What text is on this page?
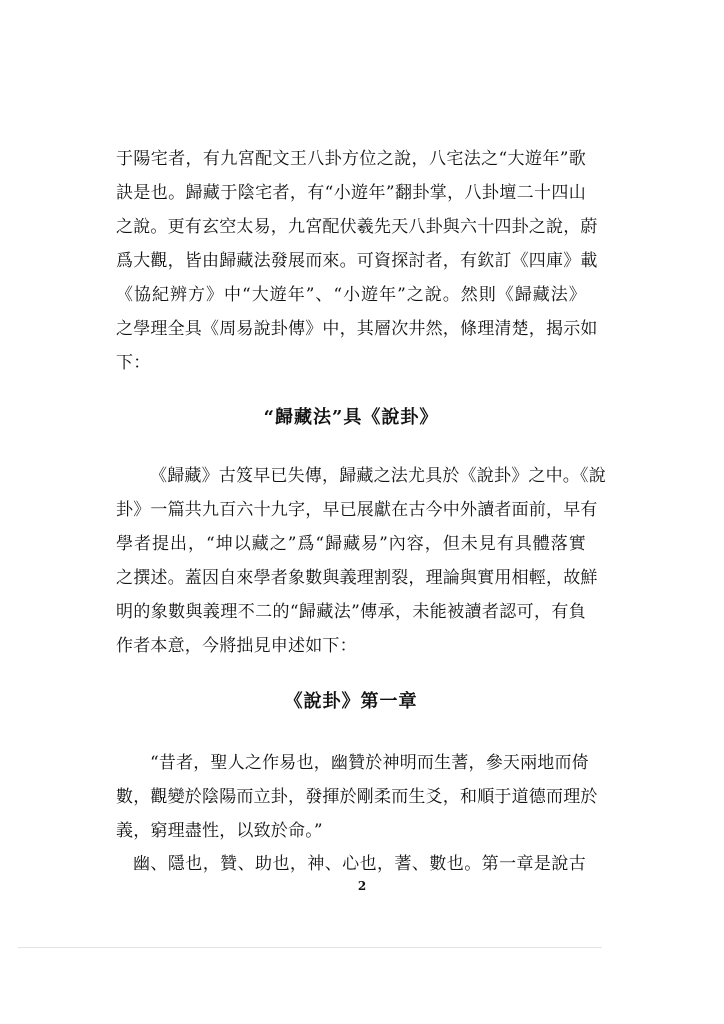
于陽宅者，有九宮配文王八卦方位之說，八宅法之“大遊年”歌
訣是也。歸藏于陰宅者，有“小遊年”翻卦掌，八卦壇二十四山
之說。更有玄空太易，九宮配伏羲先天八卦與六十四卦之說，蔚
爲大觀，皆由歸藏法發展而來。可資探討者，有欽訂《四庫》載
《協紀辨方》中“大遊年”、“小遊年”之說。然則《歸藏法》
之學理全具《周易說卦傳》中，其層次井然，條理清楚，揭示如
下：
“歸藏法”具《說卦》
《歸藏》古笈早已失傳，歸藏之法尤具於《說卦》之中。《說
卦》一篇共九百六十九字，早已展獻在古今中外讀者面前，早有
學者提出，“坤以藏之”爲“歸藏易”內容，但未見有具體落實
之撰述。蓋因自來學者象數與義理割裂，理論與實用相輕，故鮮
明的象數與義理不二的“歸藏法”傳承，未能被讀者認可，有負
作者本意，今將拙見申述如下：
《說卦》第一章
“昔者，聖人之作易也，幽贊於神明而生蓍，參天兩地而倚
數，觀變於陰陽而立卦，發揮於剛柔而生爻，和順于道德而理於
義，窮理盡性，以致於命。”
幽、隱也，贊、助也，神、心也，蓍、數也。第一章是說古
2
